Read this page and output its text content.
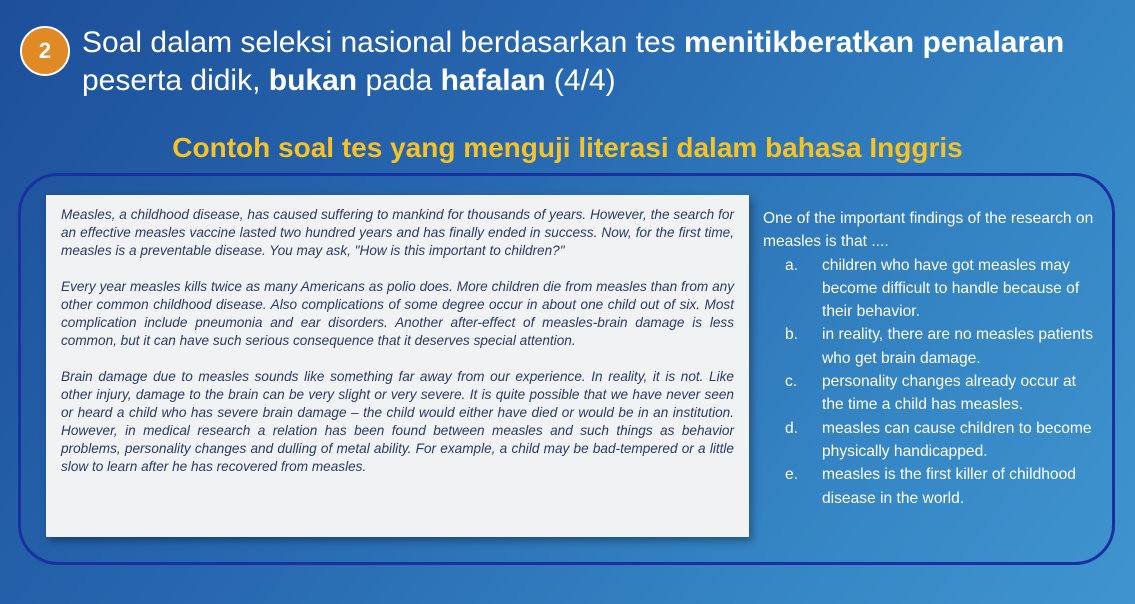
2	Soal dalam seleksi nasional berdasarkan tes menitikberatkan penalaran peserta didik, bukan pada hafalan (4/4)
Contoh soal tes yang menguji literasi dalam bahasa Inggris

Measles, a childhood disease, has caused suffering to mankind for thousands of years. However, the search for an effective measles vaccine lasted two hundred years and has finally ended in success. Now, for the first time, measles is a preventable disease. You may ask, "How is this important to children?"

Every year measles kills twice as many Americans as polio does. More children die from measles than from any other common childhood disease. Also complications of some degree occur in about one child out of six. Most complication include pneumonia and ear disorders. Another after-effect of measles-brain damage is less common, but it can have such serious consequence that it deserves special attention.

Brain damage due to measles sounds like something far away from our experience. In reality, it is not. Like other injury, damage to the brain can be very slight or very severe. It is quite possible that we have never seen or heard a child who has severe brain damage – the child would either have died or would be in an institution. However, in medical research a relation has been found between measles and such things as behavior problems, personality changes and dulling of metal ability. For example, a child may be bad-tempered or a little slow to learn after he has recovered from measles.

One of the important findings of the research on measles is that ....

a.	children who have got measles may become difficult to handle because of their behavior.
b.	in reality, there are no measles patients who get brain damage.
c.	personality changes already occur at the time a child has measles.
d.	measles can cause children to become physically handicapped.
e.	measles is the first killer of childhood disease in the world.
